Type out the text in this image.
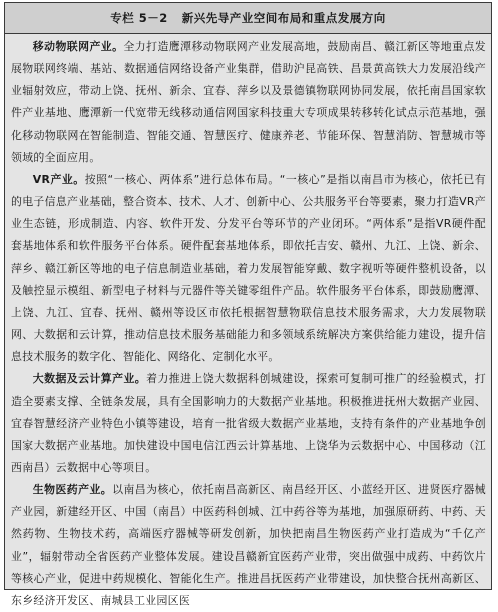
专栏 5－2 新兴先导产业空间布局和重点发展方向

移动物联网产业。全力打造鹰潭移动物联网产业发展高地，鼓励南昌、赣江新区等地重点发展物联网终端、基站、数据通信网络设备产业集群，借助沪昆高铁、昌景黄高铁大力发展沿线产业辐射效应，带动上饶、抚州、新余、宜春、萍乡以及景德镇物联网协同发展，依托南昌国家软件产业基地、鹰潭新一代宽带无线移动通信网国家科技重大专项成果转移转化试点示范基地，强化移动物联网在智能制造、智能交通、智慧医疗、健康养老、节能环保、智慧消防、智慧城市等领域的全面应用。

VR产业。按照“一核心、两体系”进行总体布局。“一核心”是指以南昌市为核心，依托已有的电子信息产业基础，整合资本、技术、人才、创新中心、公共服务平台等要素，聚力打造VR产业生态链，形成制造、内容、软件开发、分发平台等环节的产业闭环。“两体系”是指VR硬件配套基地体系和软件服务平台体系。硬件配套基地体系，即依托吉安、赣州、九江、上饶、新余、萍乡、赣江新区等地的电子信息制造业基础，着力发展智能穿戴、数字视听等硬件整机设备，以及触控显示模组、新型电子材料与元器件等关键零组件产品。软件服务平台体系，即鼓励鹰潭、上饶、九江、宜春、抚州、赣州等设区市依托根据智慧物联信息技术服务需求，大力发展物联网、大数据和云计算，推动信息技术服务基础能力和多领域系统解决方案供给能力建设，提升信息技术服务的数字化、智能化、网络化、定制化水平。

大数据及云计算产业。着力推进上饶大数据科创城建设，探索可复制可推广的经验模式，打造全要素支撑、全链条发展，具有全国影响力的大数据产业基地。积极推进抚州大数据产业园、宜春智慧经济产业特色小镇等建设，培育一批省级大数据产业基地，支持有条件的产业基地争创国家大数据产业基地。加快建设中国电信江西云计算基地、上饶华为云数据中心、中国移动（江西南昌）云数据中心等项目。

生物医药产业。以南昌为核心，依托南昌高新区、南昌经开区、小蓝经开区、进贤医疗器械产业园，新建经开区、中国（南昌）中医药科创城、江中药谷等为基地，加强原研药、中药、天然药物、生物技术药，高端医疗器械等研发创新，加快把南昌生物医药产业打造成为“千亿产业”，辐射带动全省医药产业整体发展。建设昌赣新宜医药产业带，突出做强中成药、中药饮片等核心产业，促进中药规模化、智能化生产。推进昌抚医药产业带建设，加快整合抚州高新区、东乡经济开发区、南城县工业园区医
